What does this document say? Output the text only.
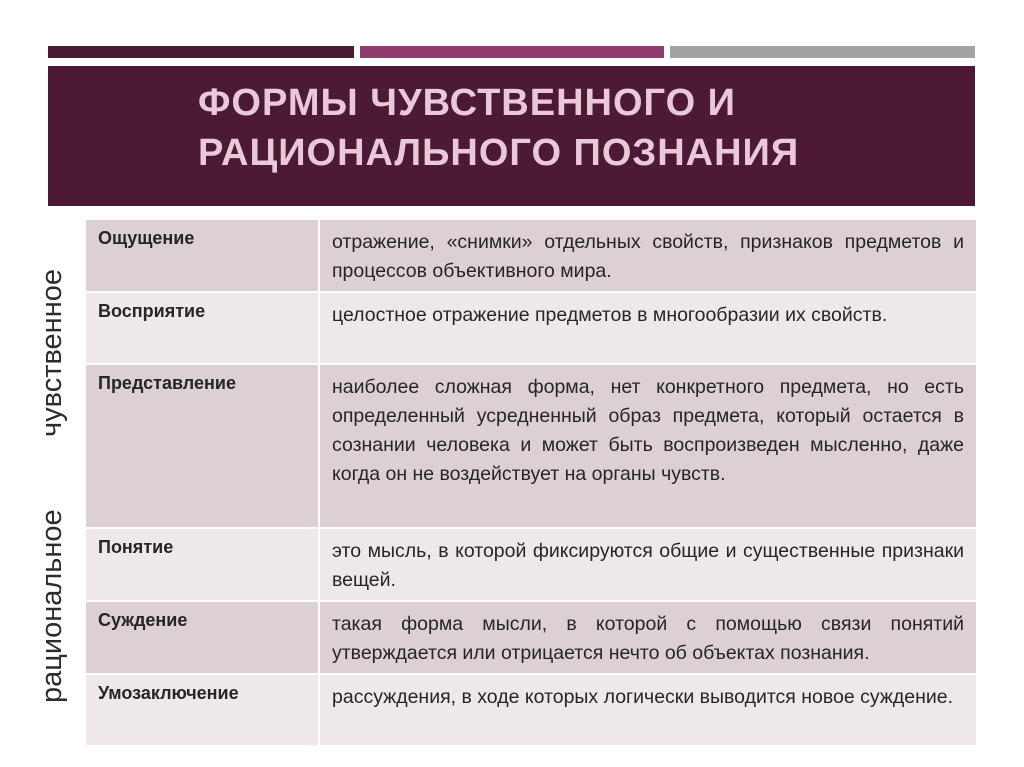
ФОРМЫ ЧУВСТВЕННОГО И
РАЦИОНАЛЬНОГО ПОЗНАНИЯ
чувственное
рациональное
Ощущение	отражение, «снимки» отдельных свойств, признаков предметов и процессов объективного мира.

Восприятие	целостное отражение предметов в многообразии их свойств.

Представление	наиболее сложная форма, нет конкретного предмета, но есть определенный усредненный образ предмета, который остается в сознании человека и может быть воспроизведен мысленно, даже когда он не воздействует на органы чувств.

Понятие	это мысль, в которой фиксируются общие и существенные признаки вещей.

Суждение	такая форма мысли, в которой с помощью связи понятий утверждается или отрицается нечто об объектах познания.

Умозаключение	рассуждения, в ходе которых логически выводится новое суждение.
